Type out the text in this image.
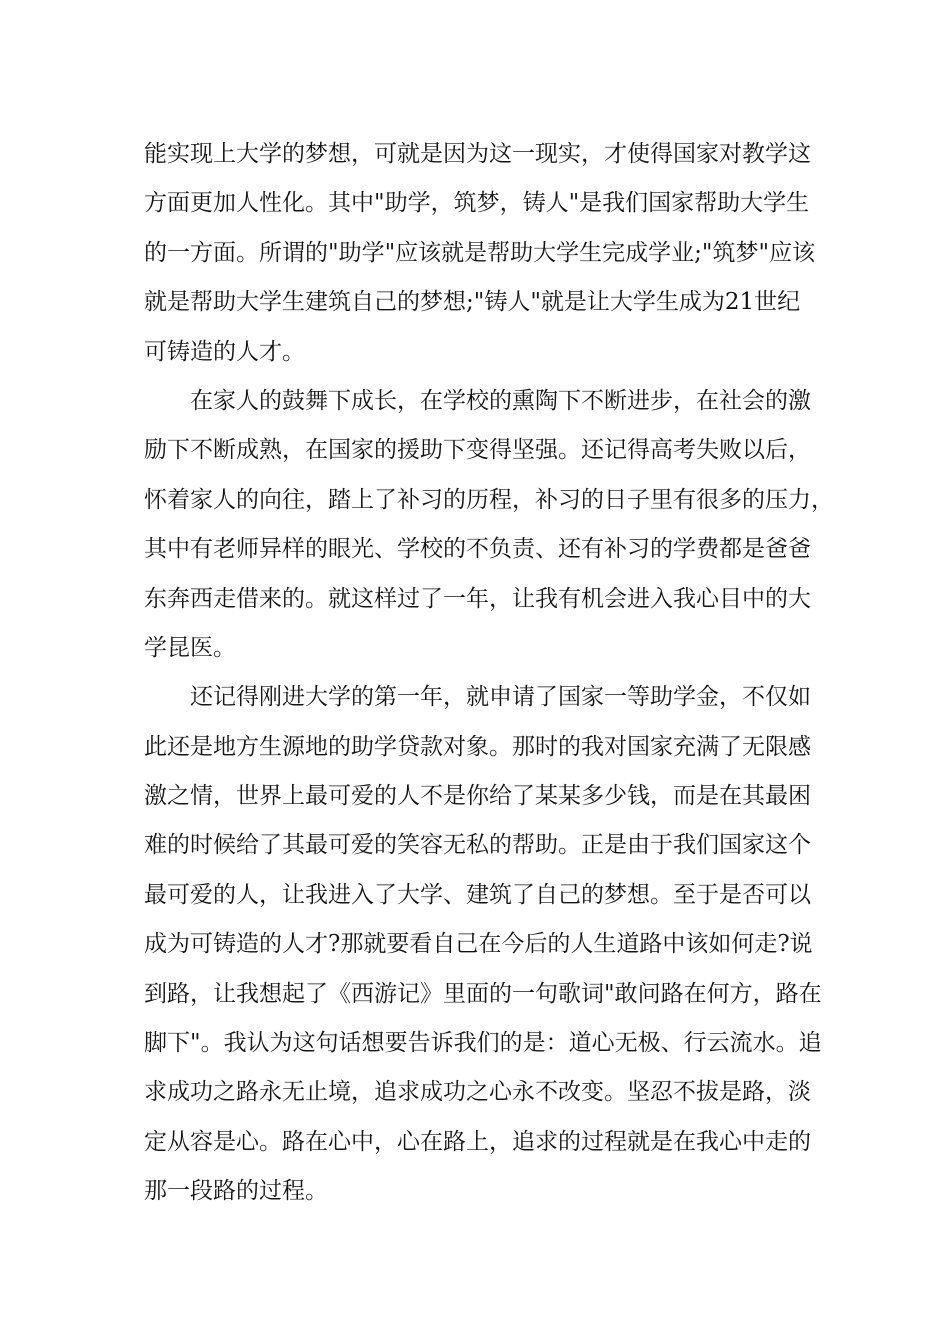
能实现上大学的梦想，可就是因为这一现实，才使得国家对教学这
方面更加人性化。其中"助学，筑梦，铸人"是我们国家帮助大学生
的一方面。所谓的"助学"应该就是帮助大学生完成学业;"筑梦"应该
就是帮助大学生建筑自己的梦想;"铸人"就是让大学生成为21世纪
可铸造的人才。
　　在家人的鼓舞下成长，在学校的熏陶下不断进步，在社会的激
励下不断成熟，在国家的援助下变得坚强。还记得高考失败以后，
怀着家人的向往，踏上了补习的历程，补习的日子里有很多的压力，
其中有老师异样的眼光、学校的不负责、还有补习的学费都是爸爸
东奔西走借来的。就这样过了一年，让我有机会进入我心目中的大
学昆医。
　　还记得刚进大学的第一年，就申请了国家一等助学金，不仅如
此还是地方生源地的助学贷款对象。那时的我对国家充满了无限感
激之情，世界上最可爱的人不是你给了某某多少钱，而是在其最困
难的时候给了其最可爱的笑容无私的帮助。正是由于我们国家这个
最可爱的人，让我进入了大学、建筑了自己的梦想。至于是否可以
成为可铸造的人才?那就要看自己在今后的人生道路中该如何走?说
到路，让我想起了《西游记》里面的一句歌词"敢问路在何方，路在
脚下"。我认为这句话想要告诉我们的是：道心无极、行云流水。追
求成功之路永无止境，追求成功之心永不改变。坚忍不拔是路，淡
定从容是心。路在心中，心在路上，追求的过程就是在我心中走的
那一段路的过程。
